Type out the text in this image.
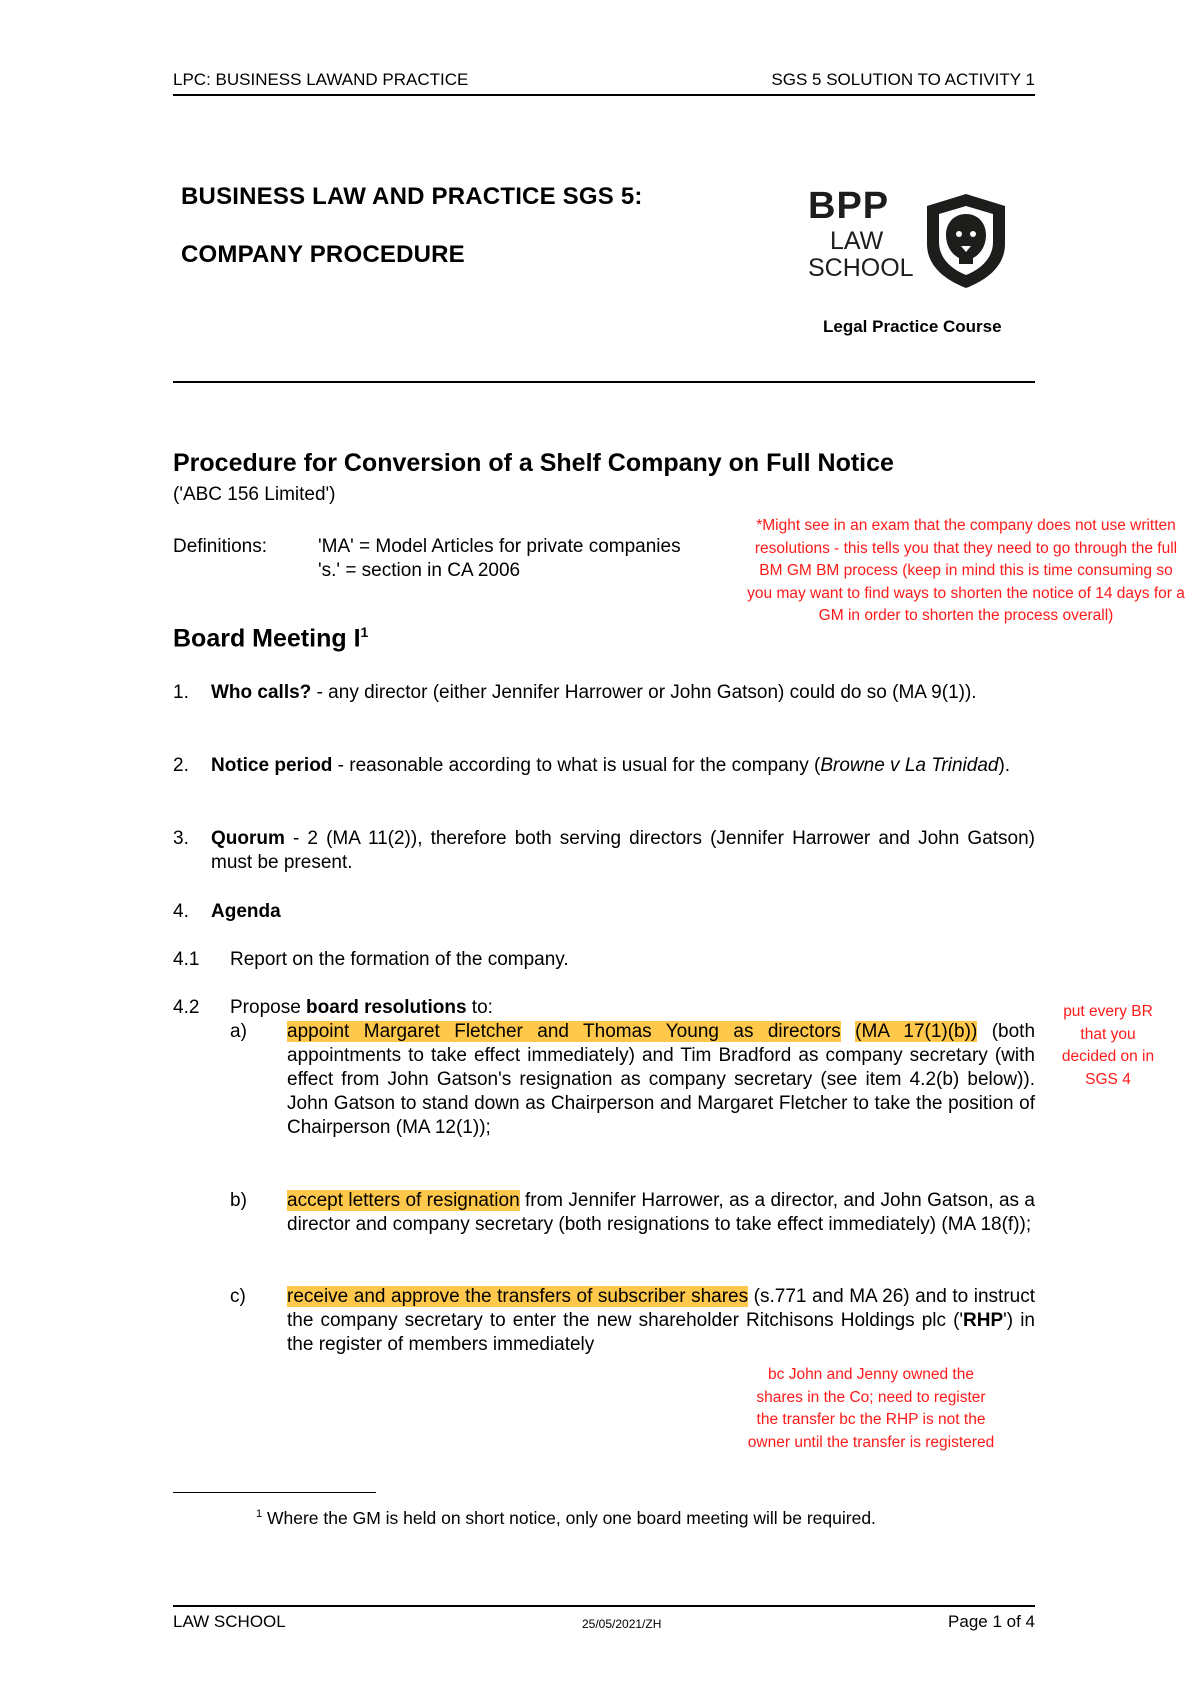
LPC: BUSINESS LAWAND PRACTICE	SGS 5 SOLUTION TO ACTIVITY 1
BUSINESS LAW AND PRACTICE SGS 5:
COMPANY PROCEDURE
BPP
LAW
SCHOOL
Legal Practice Course
Procedure for Conversion of a Shelf Company on Full Notice
('ABC 156 Limited')
Definitions:	'MA' = Model Articles for private companies
's.' = section in CA 2006
*Might see in an exam that the company does not use written resolutions - this tells you that they need to go through the full BM GM BM process (keep in mind this is time consuming so you may want to find ways to shorten the notice of 14 days for a GM in order to shorten the process overall)
Board Meeting $I^1$
1. Who calls? - any director (either Jennifer Harrower or John Gatson) could do so (MA 9(1)).
2. Notice period - reasonable according to what is usual for the company (Browne v La Trinidad).
3. Quorum - 2 (MA 11(2)), therefore both serving directors (Jennifer Harrower and John Gatson) must be present.
4. Agenda
4.1 Report on the formation of the company.
4.2 Propose board resolutions to:
a) appoint Margaret Fletcher and Thomas Young as directors (MA 17(1)(b)) (both appointments to take effect immediately) and Tim Bradford as company secretary (with effect from John Gatson's resignation as company secretary (see item 4.2(b) below)). John Gatson to stand down as Chairperson and Margaret Fletcher to take the position of Chairperson (MA 12(1));
b) accept letters of resignation from Jennifer Harrower, as a director, and John Gatson, as a director and company secretary (both resignations to take effect immediately) (MA 18(f));
c) receive and approve the transfers of subscriber shares (s.771 and MA 26) and to instruct the company secretary to enter the new shareholder Ritchisons Holdings plc ('RHP') in the register of members immediately
put every BR that you decided on in SGS 4
bc John and Jenny owned the shares in the Co; need to register the transfer bc the RHP is not the owner until the transfer is registered
$^1$ Where the GM is held on short notice, only one board meeting will be required.
LAW SCHOOL	25/05/2021/ZH	Page 1 of 4
